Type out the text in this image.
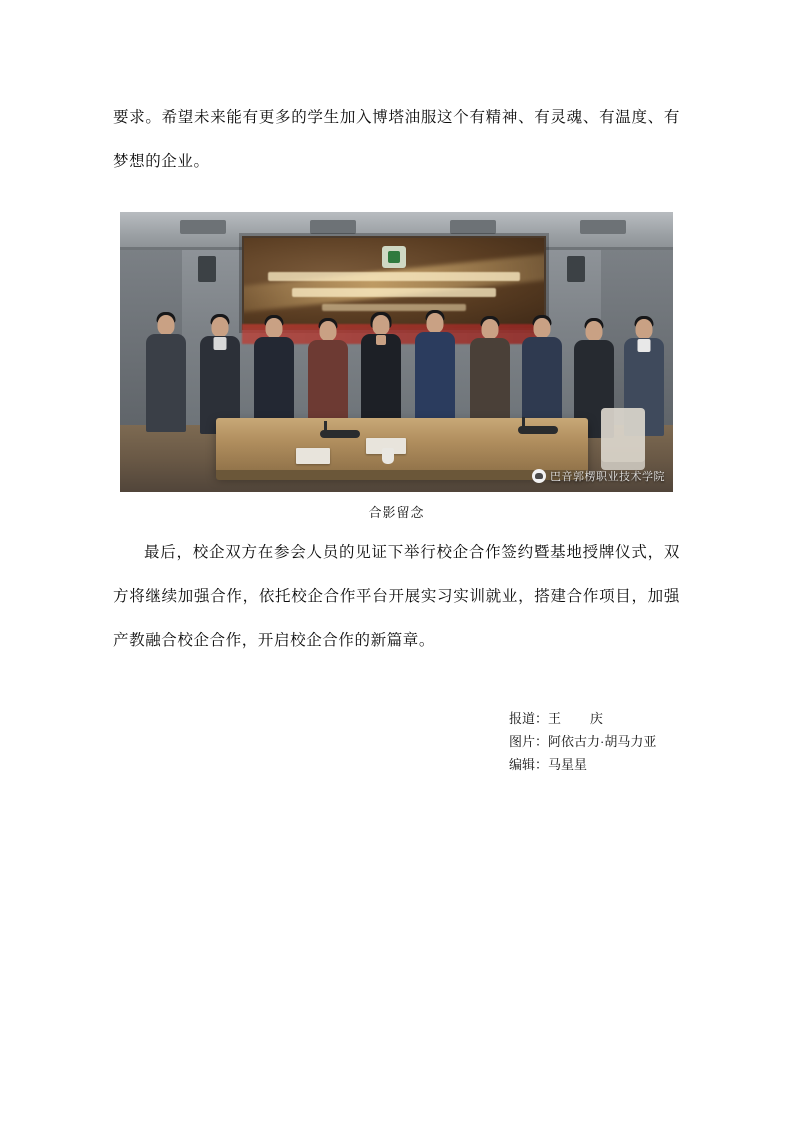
要求。希望未来能有更多的学生加入博塔油服这个有精神、有灵魂、有温度、有梦想的企业。

巴音郭楞职业技术学院
合影留念

最后，校企双方在参会人员的见证下举行校企合作签约暨基地授牌仪式，双方将继续加强合作，依托校企合作平台开展实习实训就业，搭建合作项目，加强产教融合校企合作，开启校企合作的新篇章。

报道： 王        庆
图片： 阿依古力·胡马力亚
编辑： 马星星
